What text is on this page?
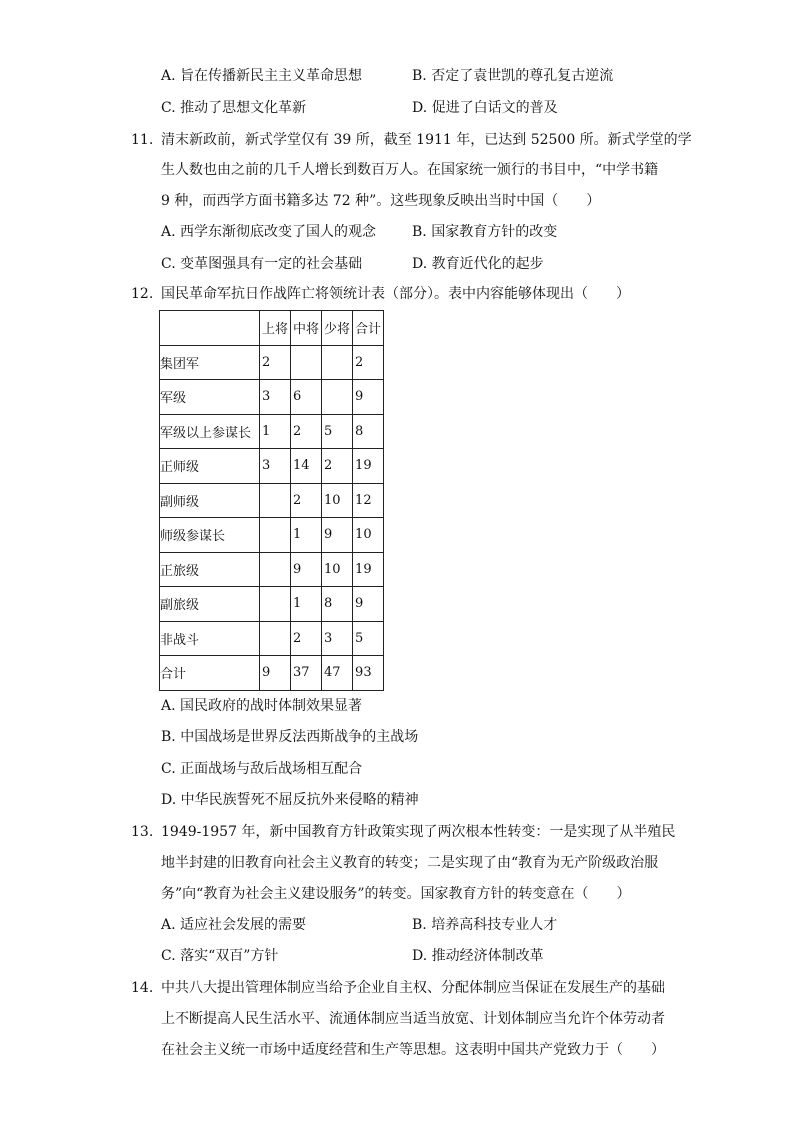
A. 旨在传播新民主主义革命思想	B. 否定了袁世凯的尊孔复古逆流
C. 推动了思想文化革新	D. 促进了白话文的普及
11. 清末新政前，新式学堂仅有 39 所，截至 1911 年，已达到 52500 所。新式学堂的学
生人数也由之前的几千人增长到数百万人。在国家统一颁行的书目中，“中学书籍
9 种，而西学方面书籍多达 72 种”。这些现象反映出当时中国（　　）
A. 西学东渐彻底改变了国人的观念	B. 国家教育方针的改变
C. 变革图强具有一定的社会基础	D. 教育近代化的起步
12. 国民革命军抗日作战阵亡将领统计表（部分）。表中内容能够体现出（　　）
	上将	中将	少将	合计
集团军	2			2
军级	3	6		9
军级以上参谋长	1	2	5	8
正师级	3	14	2	19
副师级		2	10	12
师级参谋长		1	9	10
正旅级		9	10	19
副旅级		1	8	9
非战斗		2	3	5
合计	9	37	47	93
A. 国民政府的战时体制效果显著
B. 中国战场是世界反法西斯战争的主战场
C. 正面战场与敌后战场相互配合
D. 中华民族誓死不屈反抗外来侵略的精神
13. 1949-1957 年，新中国教育方针政策实现了两次根本性转变：一是实现了从半殖民
地半封建的旧教育向社会主义教育的转变；二是实现了由“教育为无产阶级政治服
务”向“教育为社会主义建设服务”的转变。国家教育方针的转变意在（　　）
A. 适应社会发展的需要	B. 培养高科技专业人才
C. 落实“双百”方针	D. 推动经济体制改革
14. 中共八大提出管理体制应当给予企业自主权、分配体制应当保证在发展生产的基础
上不断提高人民生活水平、流通体制应当适当放宽、计划体制应当允许个体劳动者
在社会主义统一市场中适度经营和生产等思想。这表明中国共产党致力于（　　）
